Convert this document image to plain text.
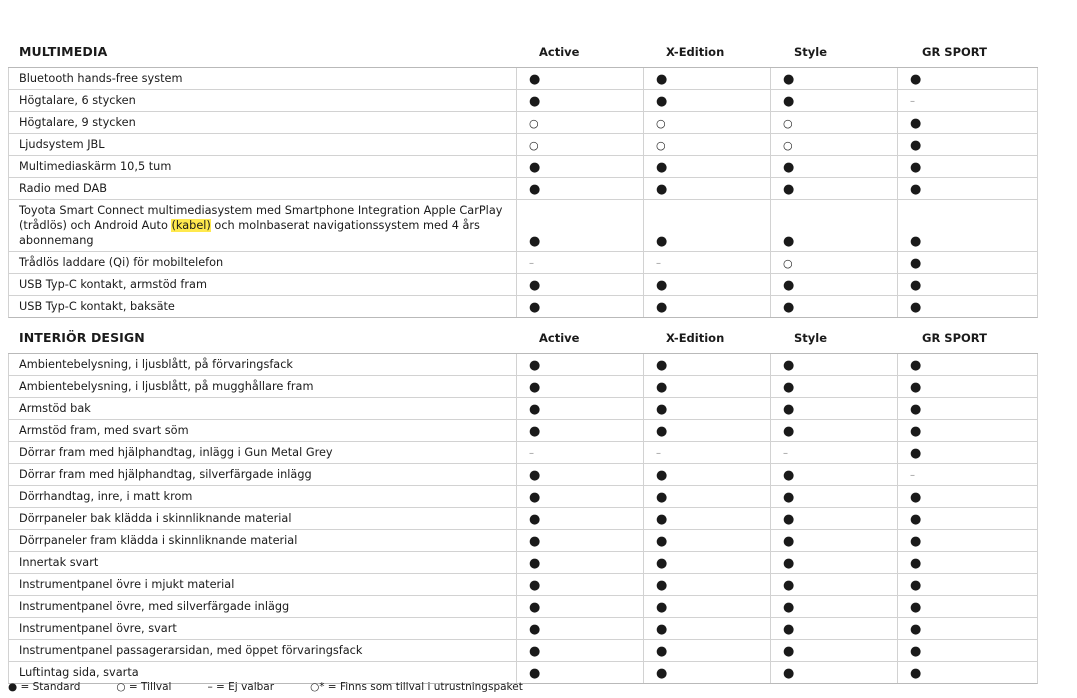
MULTIMEDIA	Active	X-Edition	Style	GR SPORT
Bluetooth hands-free system	●	●	●	●
Högtalare, 6 stycken	●	●	●	–
Högtalare, 9 stycken	○	○	○	●
Ljudsystem JBL	○	○	○	●
Multimediaskärm 10,5 tum	●	●	●	●
Radio med DAB	●	●	●	●
Toyota Smart Connect multimediasystem med Smartphone Integration Apple CarPlay (trådlös) och Android Auto (kabel) och molnbaserat navigationssystem med 4 års abonnemang	●	●	●	●
Trådlös laddare (Qi) för mobiltelefon	–	–	○	●
USB Typ-C kontakt, armstöd fram	●	●	●	●
USB Typ-C kontakt, baksäte	●	●	●	●
INTERIÖR DESIGN	Active	X-Edition	Style	GR SPORT
Ambientebelysning, i ljusblått, på förvaringsfack	●	●	●	●
Ambientebelysning, i ljusblått, på mugghållare fram	●	●	●	●
Armstöd bak	●	●	●	●
Armstöd fram, med svart söm	●	●	●	●
Dörrar fram med hjälphandtag, inlägg i Gun Metal Grey	–	–	–	●
Dörrar fram med hjälphandtag, silverfärgade inlägg	●	●	●	–
Dörrhandtag, inre, i matt krom	●	●	●	●
Dörrpaneler bak klädda i skinnliknande material	●	●	●	●
Dörrpaneler fram klädda i skinnliknande material	●	●	●	●
Innertak svart	●	●	●	●
Instrumentpanel övre i mjukt material	●	●	●	●
Instrumentpanel övre, med silverfärgade inlägg	●	●	●	●
Instrumentpanel övre, svart	●	●	●	●
Instrumentpanel passagerarsidan, med öppet förvaringsfack	●	●	●	●
Luftintag sida, svarta	●	●	●	●
● = Standard	○ = Tillval	– = Ej valbar	○* = Finns som tillval i utrustningspaket
